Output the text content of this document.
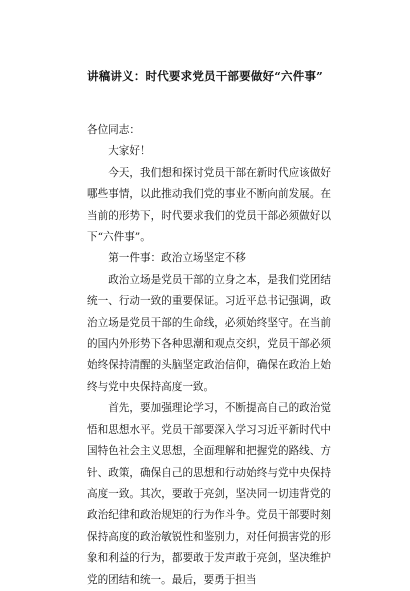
讲稿讲义：时代要求党员干部要做好“六件事”

各位同志：

大家好！

今天，我们想和探讨党员干部在新时代应该做好哪些事情，以此推动我们党的事业不断向前发展。在当前的形势下，时代要求我们的党员干部必须做好以下“六件事”。

第一件事：政治立场坚定不移

政治立场是党员干部的立身之本，是我们党团结统一、行动一致的重要保证。习近平总书记强调，政治立场是党员干部的生命线，必须始终坚守。在当前的国内外形势下各种思潮和观点交织，党员干部必须始终保持清醒的头脑坚定政治信仰，确保在政治上始终与党中央保持高度一致。

首先，要加强理论学习，不断提高自己的政治觉悟和思想水平。党员干部要深入学习习近平新时代中国特色社会主义思想，全面理解和把握党的路线、方针、政策，确保自己的思想和行动始终与党中央保持高度一致。其次，要敢于亮剑，坚决同一切违背党的政治纪律和政治规矩的行为作斗争。党员干部要时刻保持高度的政治敏锐性和鉴别力，对任何损害党的形象和利益的行为，都要敢于发声敢于亮剑，坚决维护党的团结和统一。最后，要勇于担当
